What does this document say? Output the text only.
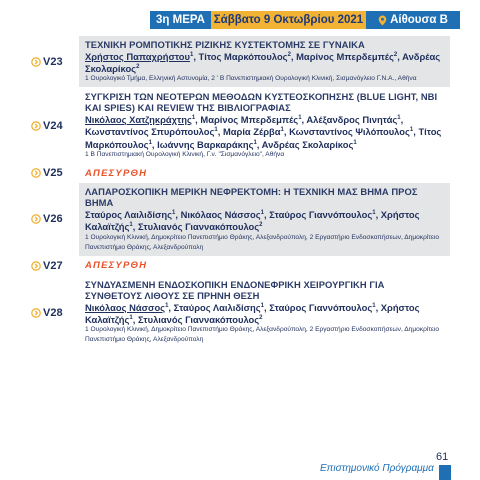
3η ΜΕΡΑ Σάββατο 9 Οκτωβρίου 2021 Αίθουσα Β
V23
ΤΕΧΝΙΚΗ ΡΟΜΠΟΤΙΚΗΣ ΡΙΖΙΚΗΣ ΚΥΣΤΕΚΤΟΜΗΣ ΣΕ ΓΥΝΑΙΚΑ
Χρήστος Παπαχρήστου$^1$, Τίτος Μαρκόπουλος$^2$, Μαρίνος Μπερδεμπές$^2$, Ανδρέας Σκολαρίκος$^2$
1 Ουρολογικό Τμήμα, Ελληνική Αστυνομία, 2 ' Β Πανεπιστημιακή Ουρολογική Κλινική, Σισμανόγλειο Γ.Ν.Α., Αθήνα
V24
ΣΥΓΚΡΙΣΗ ΤΩΝ ΝΕΟΤΕΡΩΝ ΜΕΘΟΔΩΝ ΚΥΣΤΕΟΣΚΟΠΗΣΗΣ (BLUE LIGHT, NBI KAI SPIES) KAI REVIEW ΤΗΣ ΒΙΒΛΙΟΓΡΑΦΙΑΣ
Νικόλαος Χατζηκράχτης$^1$, Μαρίνος Μπερδεμπές$^1$, Αλέξανδρος Πινητάς$^1$, Κωνσταντίνος Σπυρόπουλος$^1$, Μαρία Ζέρβα$^1$, Κωνσταντίνος Ψιλόπουλος$^1$, Τίτος Μαρκόπουλος$^1$, Ιωάννης Βαρκαράκης$^1$, Ανδρέας Σκολαρίκος$^1$
1 Β Πανεπιστημιακή Ουρολογική Κλινική, Γ.ν. "Σισμανόγλειο", Αθήνα
V25 ΑΠΕΣΥΡΘΗ
V26
ΛΑΠΑΡΟΣΚΟΠΙΚΗ ΜΕΡΙΚΗ ΝΕΦΡΕΚΤΟΜΗ: Η ΤΕΧΝΙΚΗ ΜΑΣ ΒΗΜΑ ΠΡΟΣ ΒΗΜΑ
Σταύρος Λαιλιδίσης$^1$, Νικόλαος Νάσσος$^1$, Σταύρος Γιαννόπουλος$^1$, Χρήστος Καλαϊτζής$^1$, Στυλιανός Γιαννακόπουλος$^2$
1 Ουρολογική Κλινική, Δημοκρίτειο Πανεπιστήμιο Θράκης, Αλεξανδρούπολη, 2 Εργαστήριο Ενδοσκοπήσεων, Δημοκρίτειο Πανεπιστήμιο Θράκης, Αλεξανδρούπολη
V27 ΑΠΕΣΥΡΘΗ
V28
ΣΥΝΔΥΑΣΜΕΝΗ ΕΝΔΟΣΚΟΠΙΚΗ ΕΝΔΟΝΕΦΡΙΚΗ ΧΕΙΡΟΥΡΓΙΚΗ ΓΙΑ ΣΥΝΘΕΤΟΥΣ ΛΙΘΟΥΣ ΣΕ ΠΡΗΝΗ ΘΕΣΗ
Νικόλαος Νάσσος$^1$, Σταύρος Λαιλιδίσης$^1$, Σταύρος Γιαννόπουλος$^1$, Χρήστος Καλαϊτζής$^1$, Στυλιανός Γιαννακόπουλος$^2$
1 Ουρολογική Κλινική, Δημοκρίτειο Πανεπιστήμιο Θράκης, Αλεξανδρούπολη, 2 Εργαστήριο Ενδοσκοπήσεων, Δημοκρίτειο Πανεπιστήμιο Θράκης, Αλεξανδρούπολη
Επιστημονικό Πρόγραμμα
61
